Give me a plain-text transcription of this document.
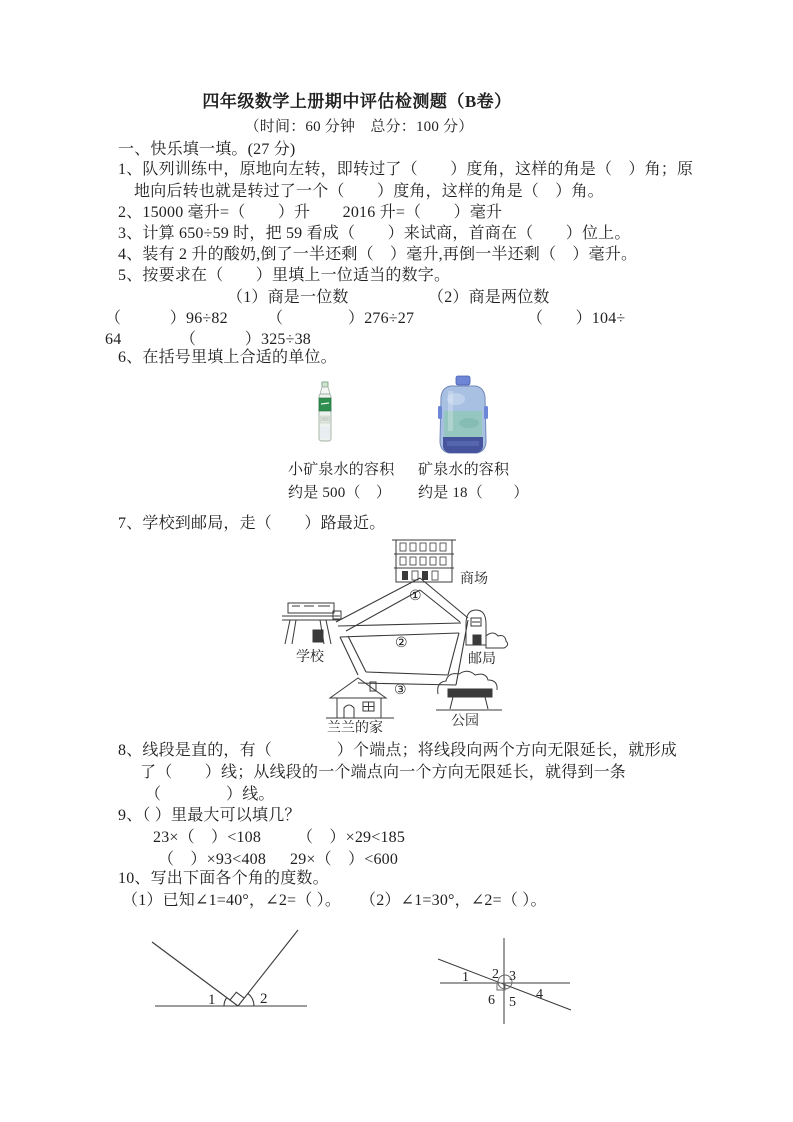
四年级数学上册期中评估检测题（B卷）
（时间：60 分钟　总分：100 分）
一、快乐填一填。(27 分)
1、队列训练中，原地向左转，即转过了（　　）度角，这样的角是（　）角；原
地向后转也就是转过了一个（　　）度角，这样的角是（　）角。
2、15000 毫升=（　　）升　　2016 升=（　　）毫升
3、计算 650÷59 时，把 59 看成（　　）来试商，首商在（　　）位上。
4、装有 2 升的酸奶,倒了一半还剩（　）毫升,再倒一半还剩（　）毫升。
5、按要求在（　　）里填上一位适当的数字。
（1）商是一位数	（2）商是两位数
（　　　）96÷82 （　　　　）276÷27	（　　）104÷
64	（　　　）325÷38
6、在括号里填上合适的单位。
小矿泉水的容积
约是 500（　）
矿泉水的容积
约是 18（　　）
7、学校到邮局，走（　　）路最近。
商场
学校	邮局
兰兰的家	公园
①
②
③
8、线段是直的，有（　　　　）个端点；将线段向两个方向无限延长，就形成
了（　　）线；从线段的一个端点向一个方向无限延长，就得到一条
（　　　　）线。
9、（ ）里最大可以填几？
23×（　）<108 （　）×29<185
（　）×93<408 29×（　）<600
10、写出下面各个角的度数。
（1）已知∠1=40°，∠2=（ ）。 （2）∠1=30°，∠2=（ ）。
1	2
1 2 3
4
5
6
